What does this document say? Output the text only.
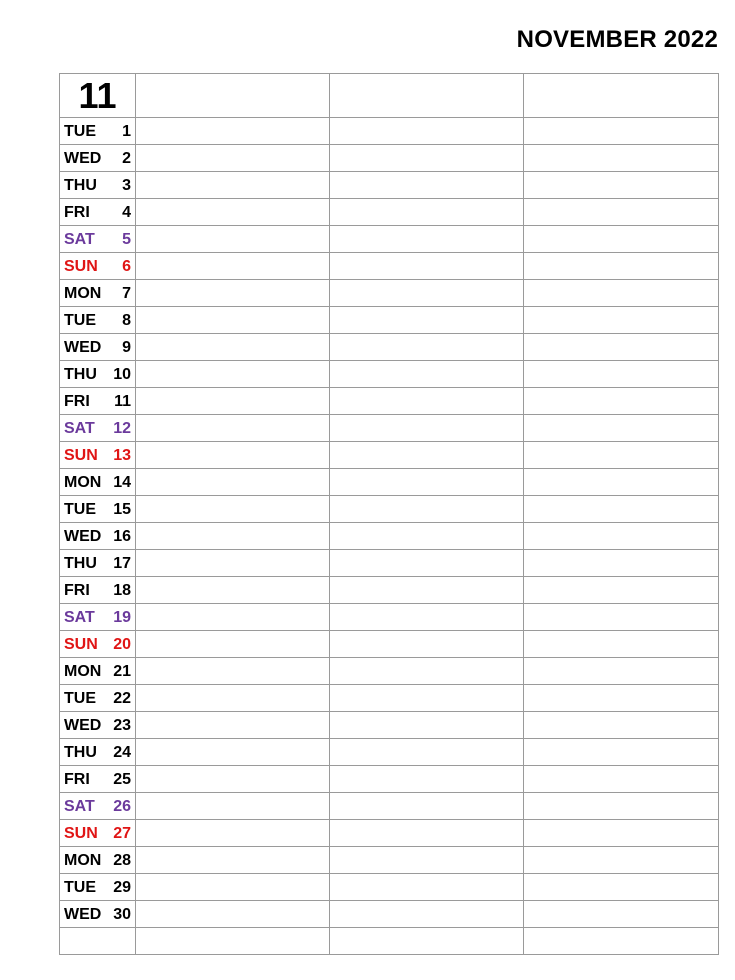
NOVEMBER 2022
11			

TUE 1			

WED 2			

THU 3			

FRI 4			

SAT 5			

SUN 6			

MON 7			

TUE 8			

WED 9			

THU 10			

FRI 11			

SAT 12			

SUN 13			

MON 14			

TUE 15			

WED 16			

THU 17			

FRI 18			

SAT 19			

SUN 20			

MON 21			

TUE 22			

WED 23			

THU 24			

FRI 25			

SAT 26			

SUN 27			

MON 28			

TUE 29			

WED 30			
